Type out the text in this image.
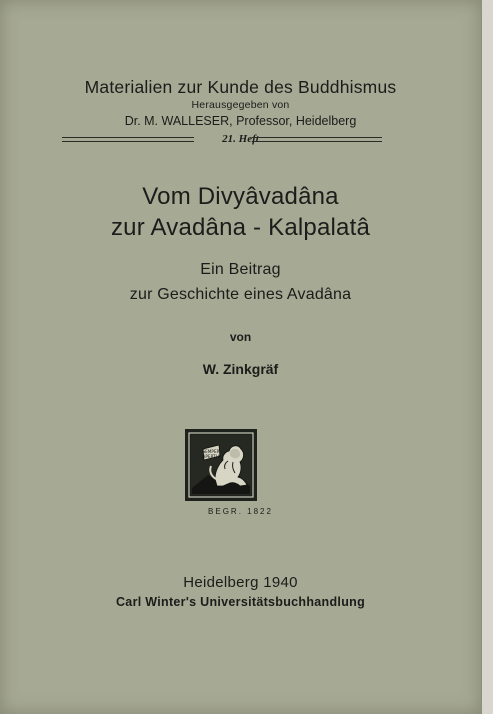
Materialien zur Kunde des Buddhismus
Herausgegeben von
Dr. M. WALLESER, Professor, Heidelberg
21. Heft
Vom Divyâvadâna
zur Avadâna - Kalpalatâ
Ein Beitrag
zur Geschichte eines Avadâna
von
W. Zinkgräf
SEMPER
APERTUS
BEGR. 1822
Heidelberg 1940
Carl Winter's Universitätsbuchhandlung
